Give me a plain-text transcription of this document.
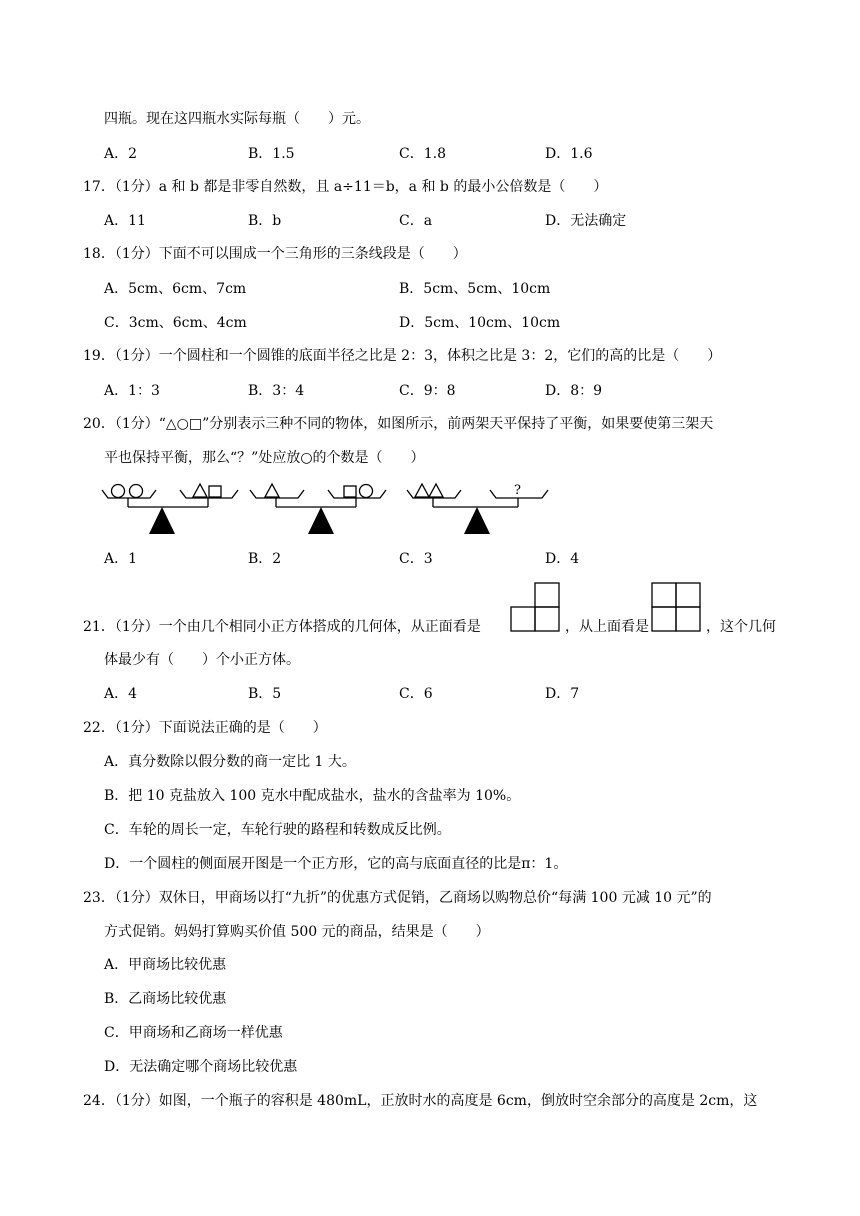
四瓶。现在这四瓶水实际每瓶（　　）元。
A．2	B．1.5	C．1.8	D．1.6
17．（1分）a 和 b 都是非零自然数，且 a÷11＝b，a 和 b 的最小公倍数是（　　）
A．11	B．b	C．a	D．无法确定
18．（1分）下面不可以围成一个三角形的三条线段是（　　）
A．5cm、6cm、7cm	B．5cm、5cm、10cm
C．3cm、6cm、4cm	D．5cm、10cm、10cm
19．（1分）一个圆柱和一个圆锥的底面半径之比是 2：3，体积之比是 3：2，它们的高的比是（　　）
A．1：3	B．3：4	C．9：8	D．8：9
20．（1分）“△○□”分别表示三种不同的物体，如图所示，前两架天平保持了平衡，如果要使第三架天
平也保持平衡，那么“？”处应放○的个数是（　　）
?
A．1	B．2	C．3	D．4
21．（1分）一个由几个相同小正方体搭成的几何体，从正面看是	，从上面看是	，这个几何
体最少有（　　）个小正方体。
A．4	B．5	C．6	D．7
22．（1分）下面说法正确的是（　　）
A．真分数除以假分数的商一定比 1 大。
B．把 10 克盐放入 100 克水中配成盐水，盐水的含盐率为 10%。
C．车轮的周长一定，车轮行驶的路程和转数成反比例。
D．一个圆柱的侧面展开图是一个正方形，它的高与底面直径的比是π：1。
23．（1分）双休日，甲商场以打“九折”的优惠方式促销，乙商场以购物总价“每满 100 元减 10 元”的
方式促销。妈妈打算购买价值 500 元的商品，结果是（　　）
A．甲商场比较优惠
B．乙商场比较优惠
C．甲商场和乙商场一样优惠
D．无法确定哪个商场比较优惠
24．（1分）如图，一个瓶子的容积是 480mL，正放时水的高度是 6cm，倒放时空余部分的高度是 2cm，这
